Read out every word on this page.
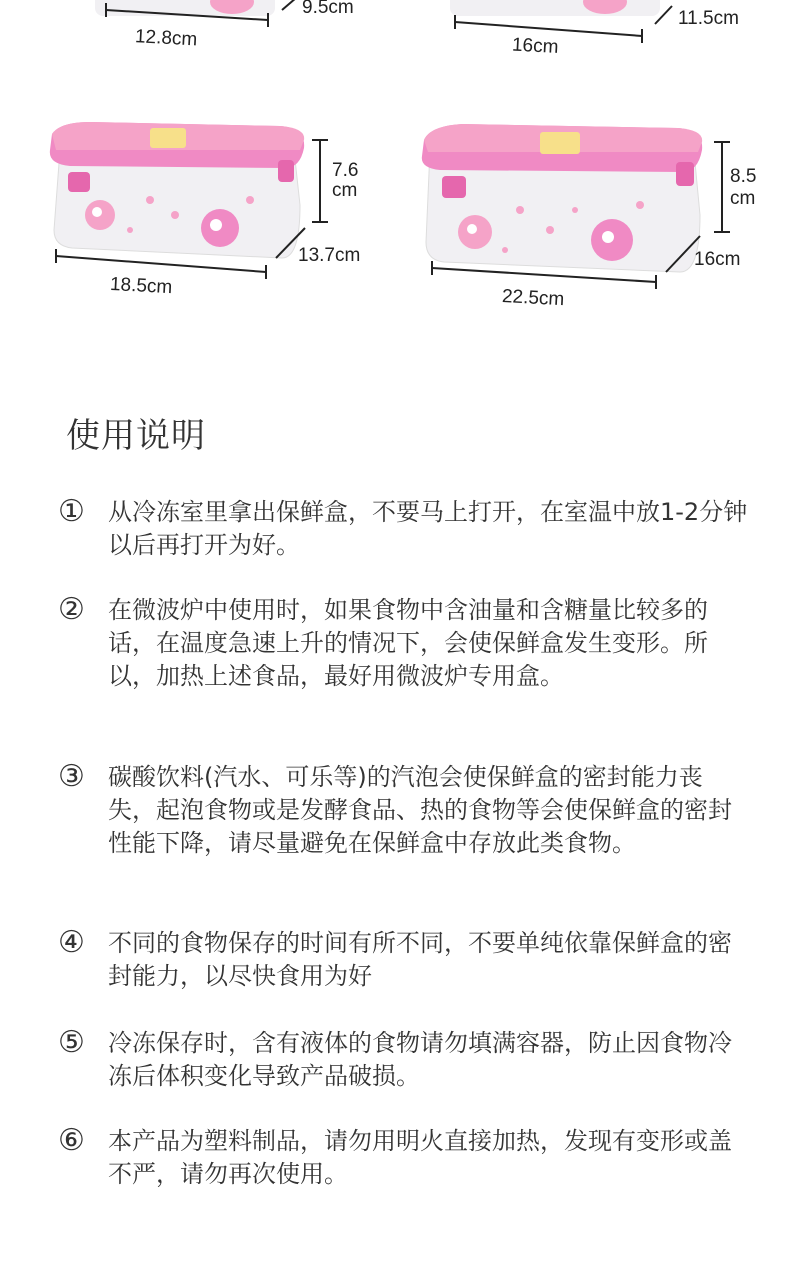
12.8cm
9.5cm
16cm
11.5cm
7.6
cm
18.5cm
13.7cm
8.5
cm
22.5cm
16cm
使用说明
① 从冷冻室里拿出保鲜盒，不要马上打开，在室温中放1-2分钟以后再打开为好。
② 在微波炉中使用时，如果食物中含油量和含糖量比较多的话，在温度急速上升的情况下，会使保鲜盒发生变形。所以，加热上述食品，最好用微波炉专用盒。
③ 碳酸饮料(汽水、可乐等)的汽泡会使保鲜盒的密封能力丧失，起泡食物或是发酵食品、热的食物等会使保鲜盒的密封性能下降，请尽量避免在保鲜盒中存放此类食物。
④ 不同的食物保存的时间有所不同，不要单纯依靠保鲜盒的密封能力，以尽快食用为好
⑤ 冷冻保存时，含有液体的食物请勿填满容器，防止因食物冷冻后体积变化导致产品破损。
⑥ 本产品为塑料制品，请勿用明火直接加热，发现有变形或盖不严，请勿再次使用。
